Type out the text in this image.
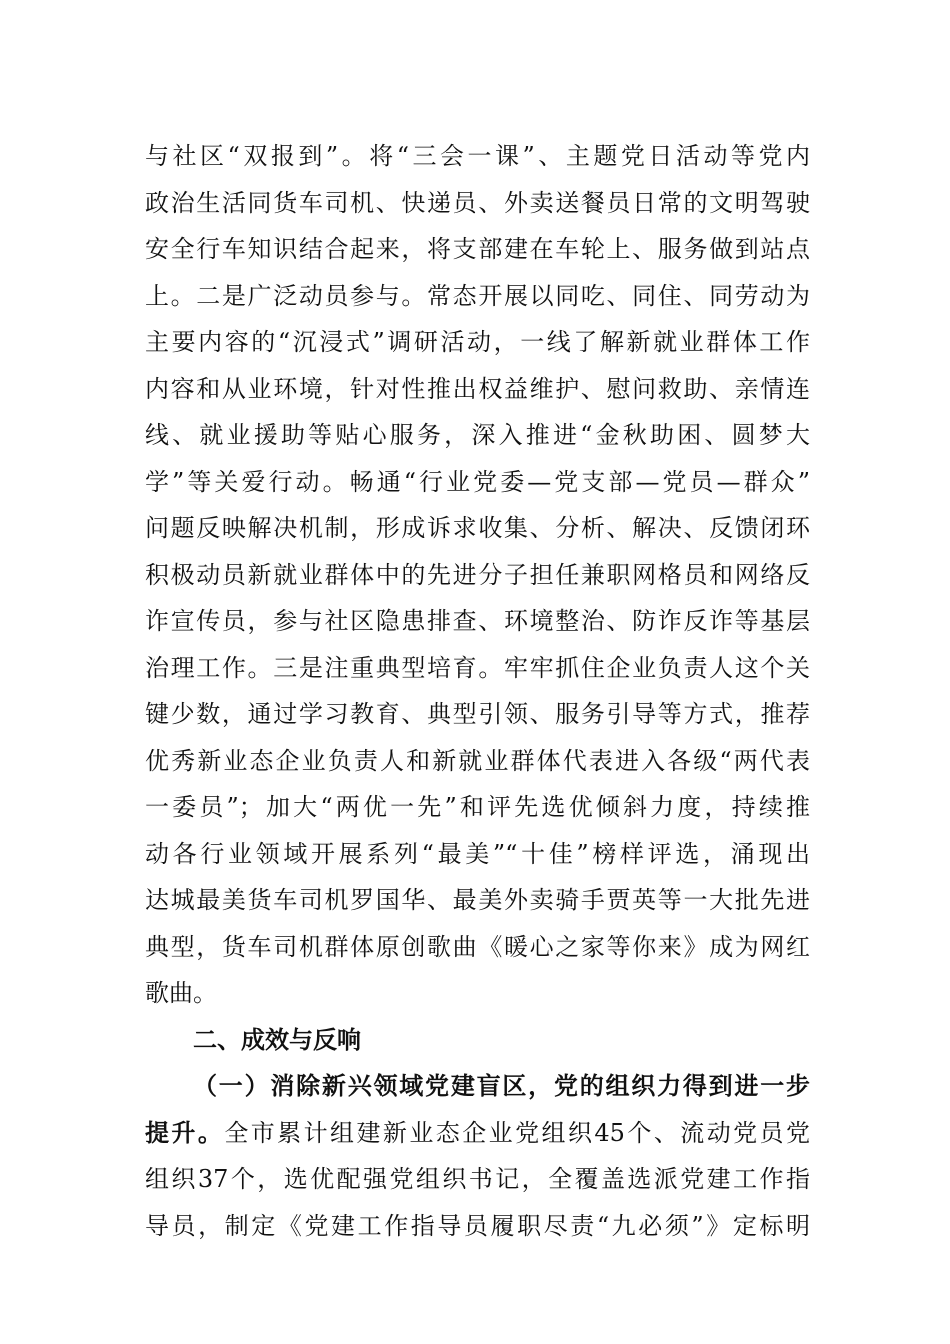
与社区“双报到”。将“三会一课”、主题党日活动等党内
政治生活同货车司机、快递员、外卖送餐员日常的文明驾驶
安全行车知识结合起来，将支部建在车轮上、服务做到站点
上。二是广泛动员参与。常态开展以同吃、同住、同劳动为
主要内容的“沉浸式”调研活动，一线了解新就业群体工作
内容和从业环境，针对性推出权益维护、慰问救助、亲情连
线、就业援助等贴心服务，深入推进“金秋助困、圆梦大
学”等关爱行动。畅通“行业党委—党支部—党员—群众”
问题反映解决机制，形成诉求收集、分析、解决、反馈闭环
积极动员新就业群体中的先进分子担任兼职网格员和网络反
诈宣传员，参与社区隐患排查、环境整治、防诈反诈等基层
治理工作。三是注重典型培育。牢牢抓住企业负责人这个关
键少数，通过学习教育、典型引领、服务引导等方式，推荐
优秀新业态企业负责人和新就业群体代表进入各级“两代表
一委员”；加大“两优一先”和评先选优倾斜力度，持续推
动各行业领域开展系列“最美”“十佳”榜样评选，涌现出
达城最美货车司机罗国华、最美外卖骑手贾英等一大批先进
典型，货车司机群体原创歌曲《暖心之家等你来》成为网红
歌曲。
二、成效与反响
（一）消除新兴领域党建盲区，党的组织力得到进一步
提升。全市累计组建新业态企业党组织45个、流动党员党
组织37个，选优配强党组织书记，全覆盖选派党建工作指
导员，制定《党建工作指导员履职尽责“九必须”》定标明
